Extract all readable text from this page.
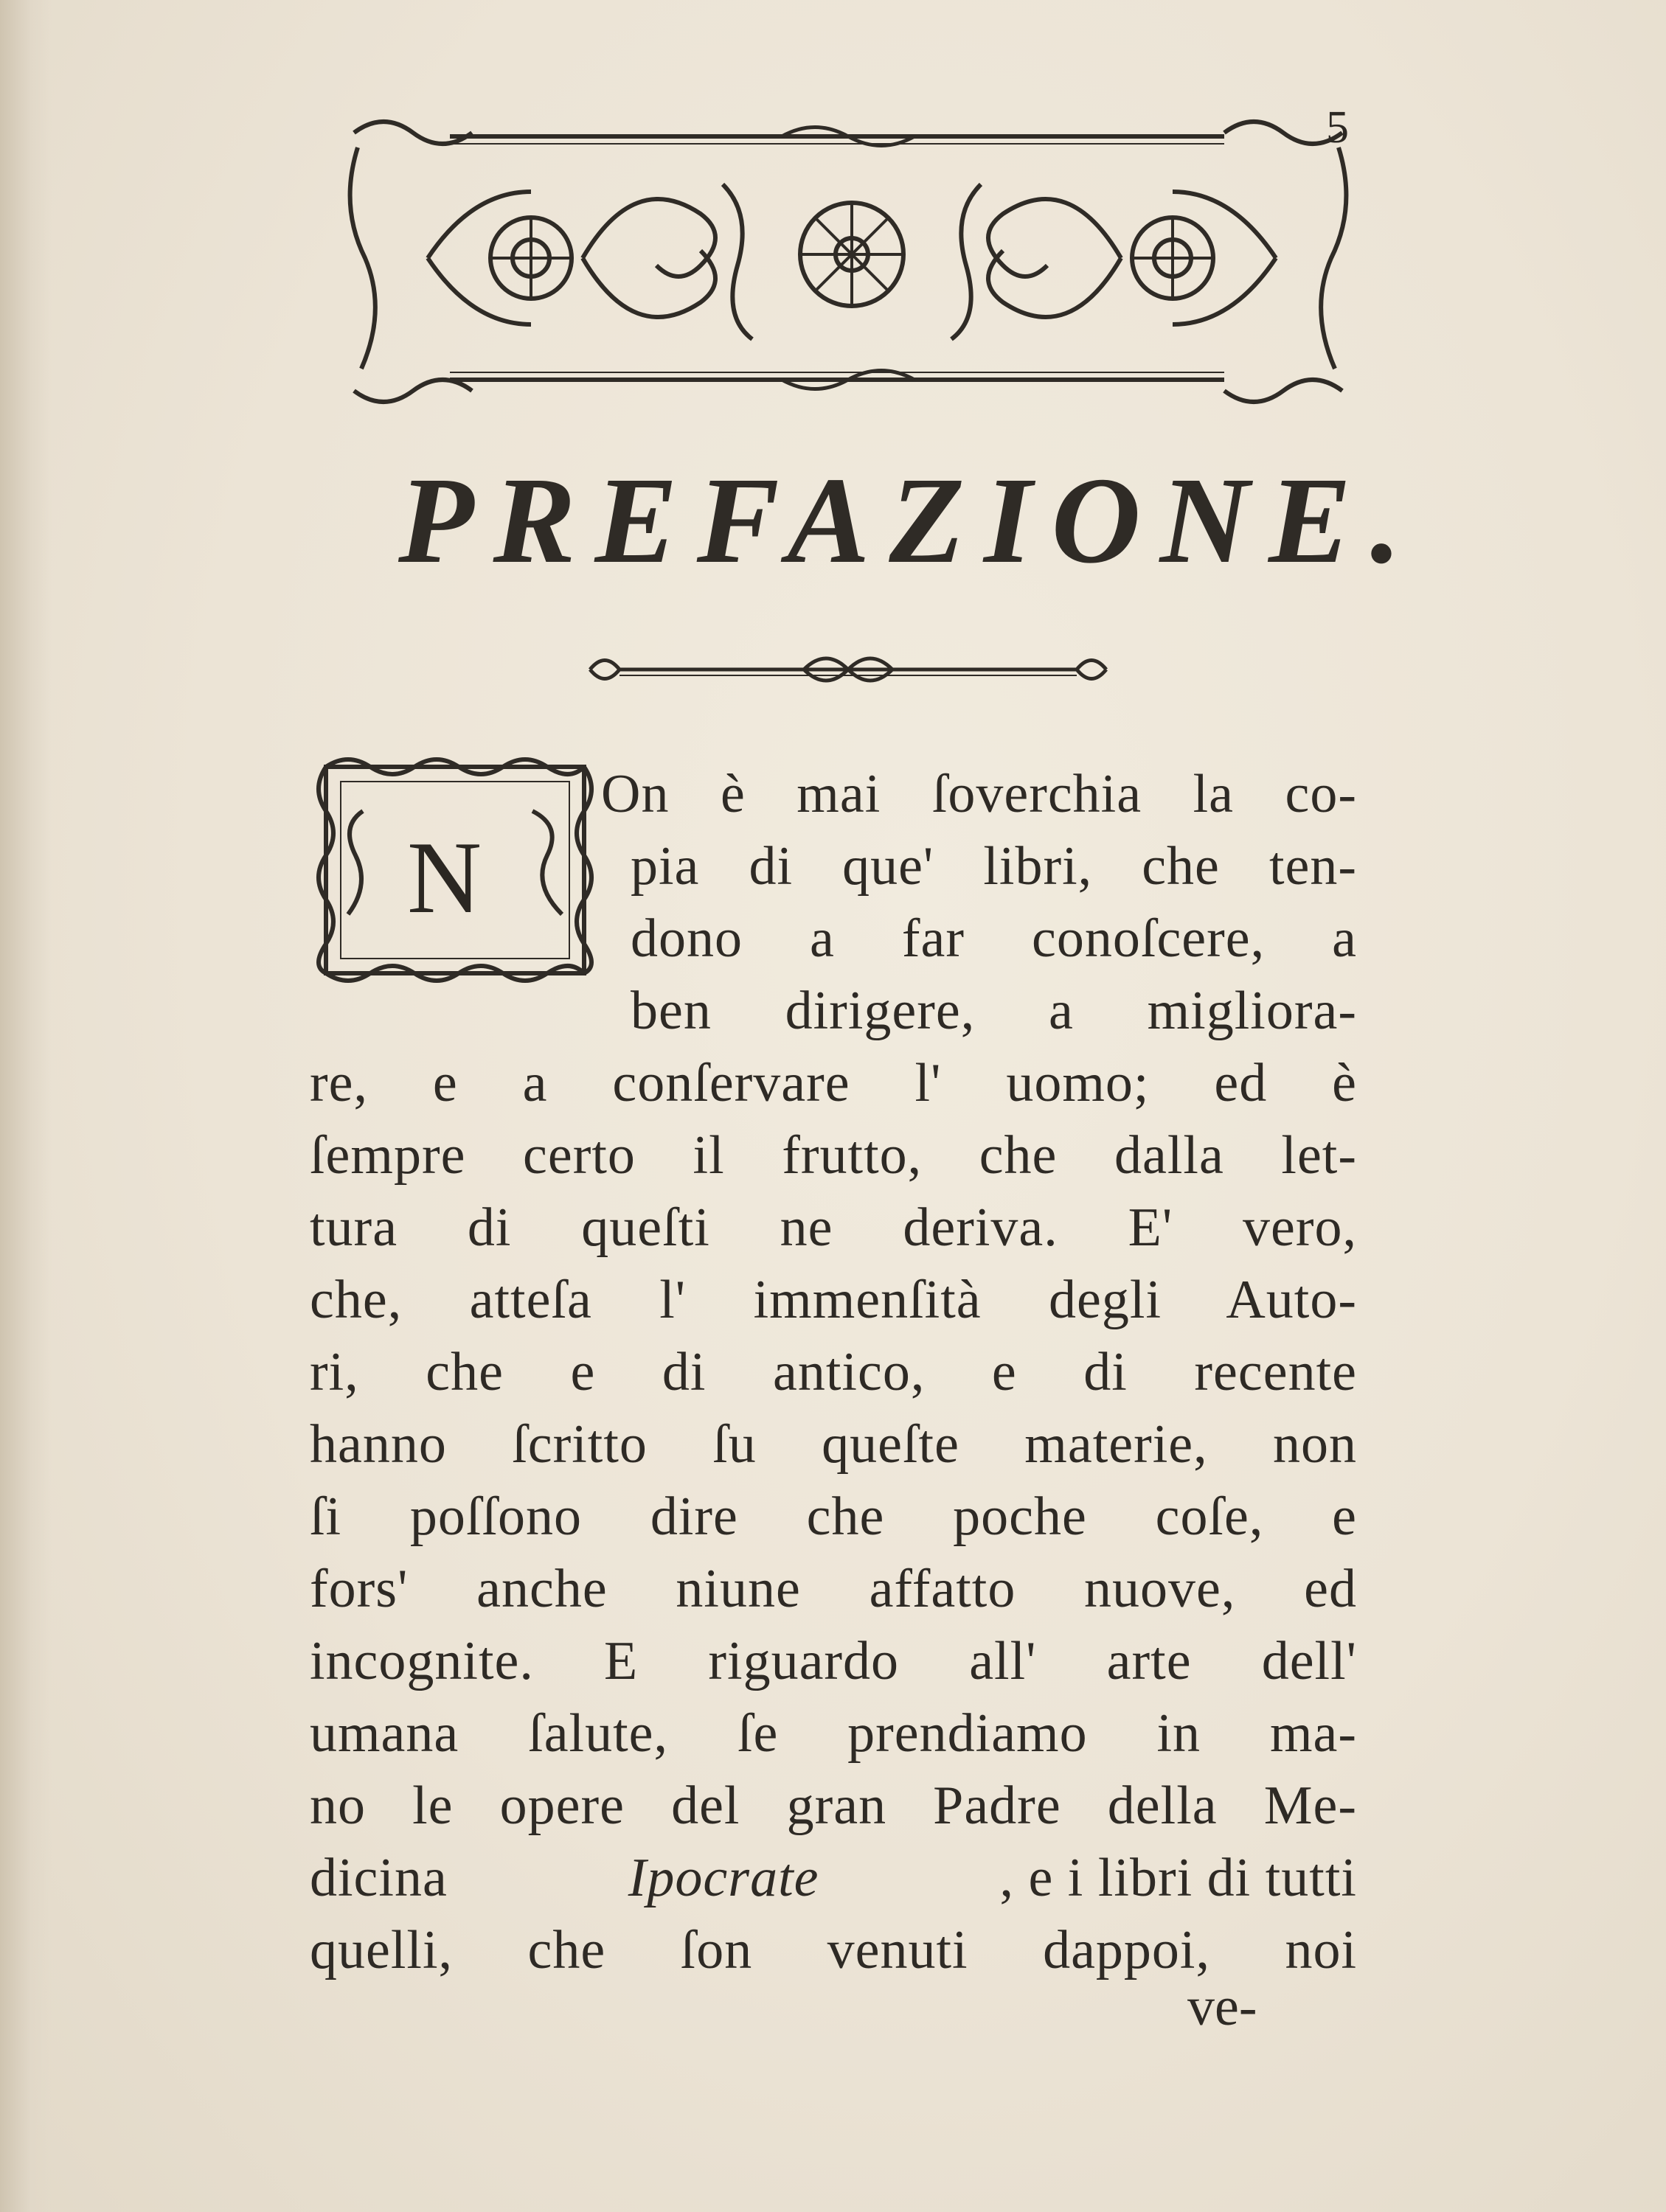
5
PREFAZIONE.
N
On è mai ſoverchia la co-
pia di que' libri, che ten-
dono a far conoſcere, a
ben dirigere, a migliora-
re, e a conſervare l' uomo; ed è
ſempre certo il frutto, che dalla let-
tura di queſti ne deriva. E' vero,
che, atteſa l' immenſità degli Auto-
ri, che e di antico, e di recente
hanno ſcritto ſu queſte materie, non
ſi poſſono dire che poche coſe, e
fors' anche niune affatto nuove, ed
incognite. E riguardo all' arte dell'
umana ſalute, ſe prendiamo in ma-
no le opere del gran Padre della Me-
dicina	Ipocrate	, e i libri di tutti
quelli, che ſon venuti dappoi, noi
ve-
